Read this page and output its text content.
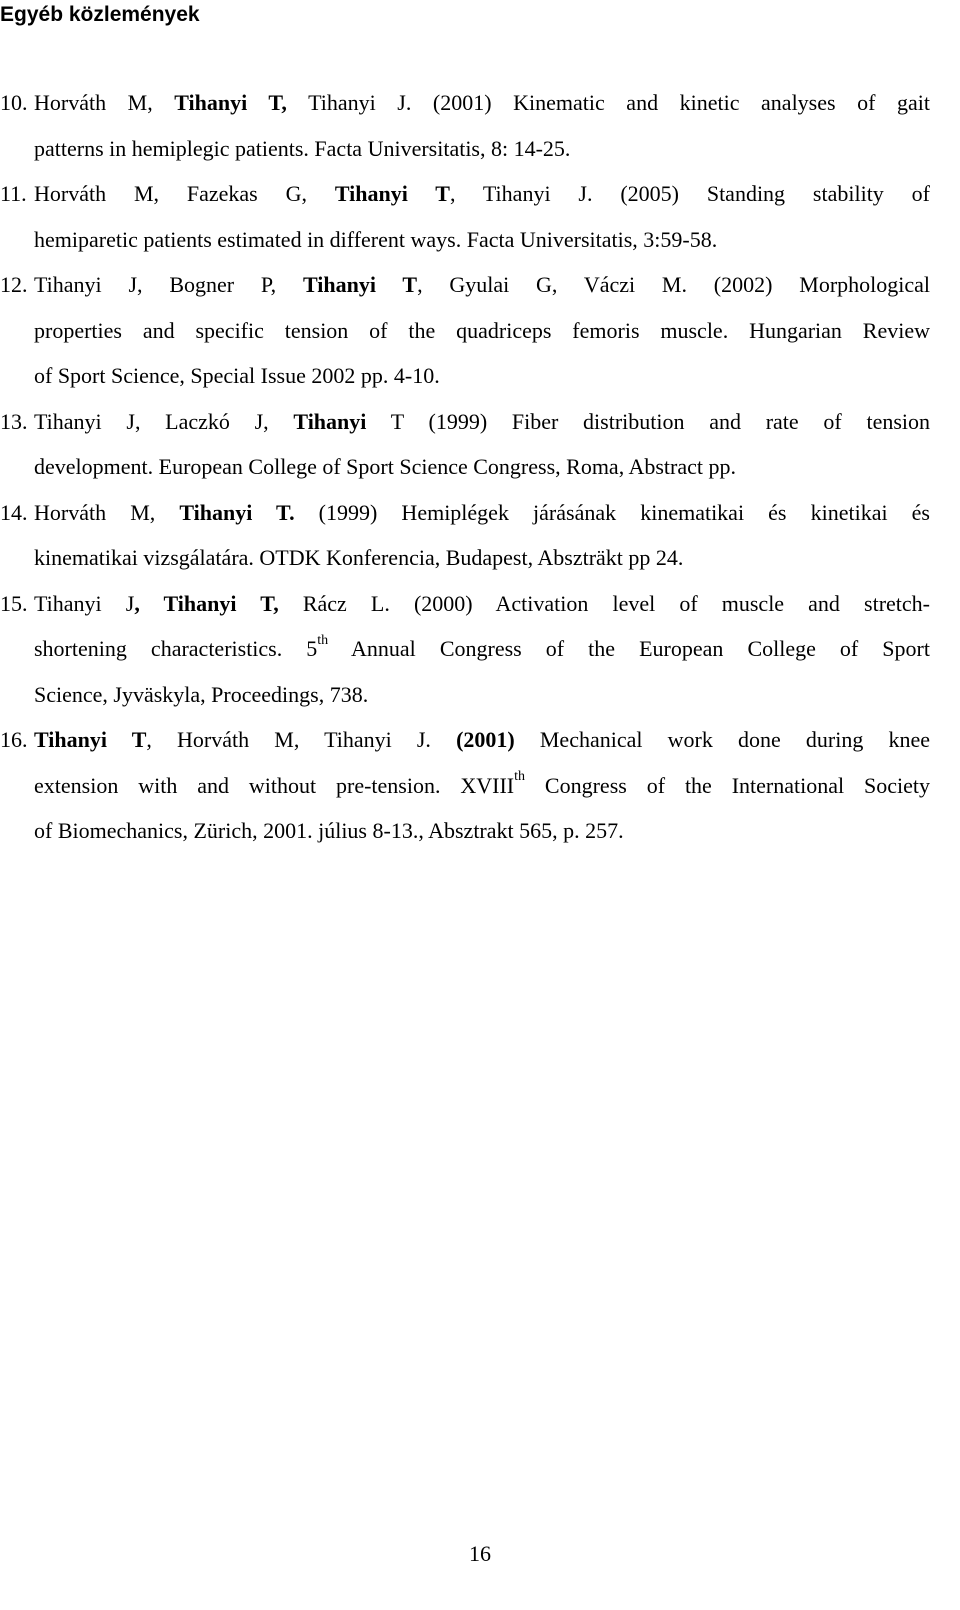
Egyéb közlemények
10. Horváth M, Tihanyi T, Tihanyi J. (2001) Kinematic and kinetic analyses of gait
patterns in hemiplegic patients. Facta Universitatis, 8: 14-25.
11. Horváth M, Fazekas G, Tihanyi T, Tihanyi J. (2005) Standing stability of
hemiparetic patients estimated in different ways. Facta Universitatis, 3:59-58.
12. Tihanyi J, Bogner P, Tihanyi T, Gyulai G, Váczi M. (2002) Morphological
properties and specific tension of the quadriceps femoris muscle. Hungarian Review
of Sport Science, Special Issue 2002 pp. 4-10.
13. Tihanyi J, Laczkó J, Tihanyi T (1999) Fiber distribution and rate of tension
development. European College of Sport Science Congress, Roma, Abstract pp.
14. Horváth M, Tihanyi T. (1999) Hemiplégek járásának kinematikai és kinetikai és
kinematikai vizsgálatára. OTDK Konferencia, Budapest, Abszträkt pp 24.
15. Tihanyi J, Tihanyi T, Rácz L. (2000) Activation level of muscle and stretch-
shortening characteristics. 5th Annual Congress of the European College of Sport
Science, Jyväskyla, Proceedings, 738.
16. Tihanyi T, Horváth M, Tihanyi J. (2001) Mechanical work done during knee
extension with and without pre-tension. XVIIIth Congress of the International Society
of Biomechanics, Zürich, 2001. július 8-13., Absztrakt 565, p. 257.
16
